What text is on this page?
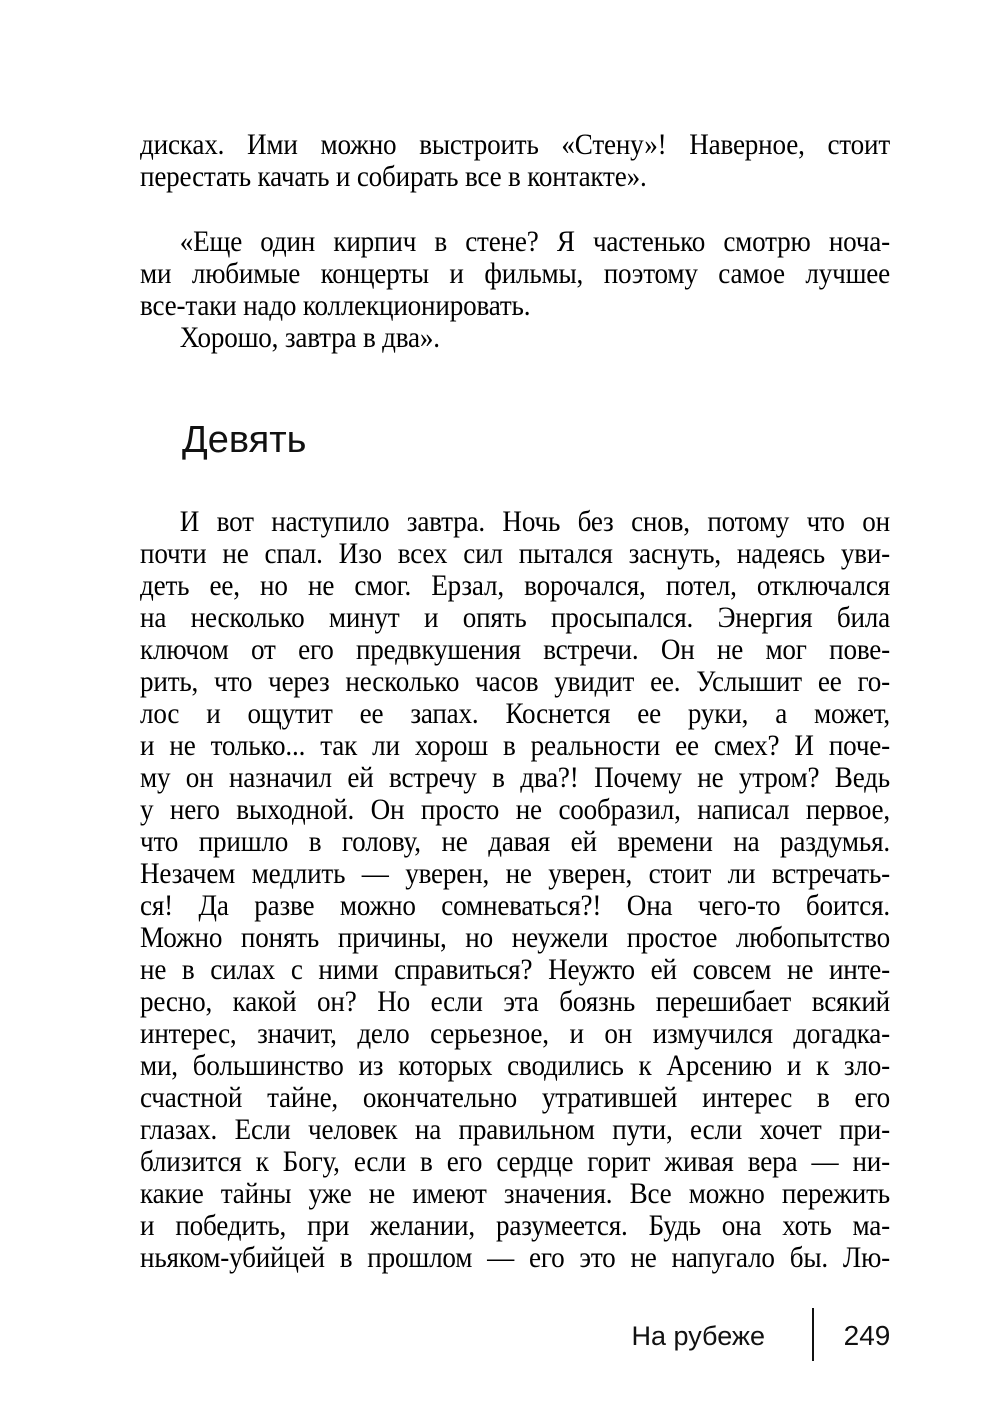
дисках. Ими можно выстроить «Стену»! Наверное, стоит
перестать качать и собирать все в контакте».
«Еще один кирпич в стене? Я частенько смотрю ноча-
ми любимые концерты и фильмы, поэтому самое лучшее
все-таки надо коллекционировать.
Хорошо, завтра в два».
Девять
И вот наступило завтра. Ночь без снов, потому что он
почти не спал. Изо всех сил пытался заснуть, надеясь уви-
деть ее, но не смог. Ерзал, ворочался, потел, отключался
на несколько минут и опять просыпался. Энергия била
ключом от его предвкушения встречи. Он не мог пове-
рить, что через несколько часов увидит ее. Услышит ее го-
лос и ощутит ее запах. Коснется ее руки, а может,
и не только... так ли хорош в реальности ее смех? И поче-
му он назначил ей встречу в два?! Почему не утром? Ведь
у него выходной. Он просто не сообразил, написал первое,
что пришло в голову, не давая ей времени на раздумья.
Незачем медлить — уверен, не уверен, стоит ли встречать-
ся! Да разве можно сомневаться?! Она чего-то боится.
Можно понять причины, но неужели простое любопытство
не в силах с ними справиться? Неужто ей совсем не инте-
ресно, какой он? Но если эта боязнь перешибает всякий
интерес, значит, дело серьезное, и он измучился догадка-
ми, большинство из которых сводились к Арсению и к зло-
счастной тайне, окончательно утратившей интерес в его
глазах. Если человек на правильном пути, если хочет при-
близится к Богу, если в его сердце горит живая вера — ни-
какие тайны уже не имеют значения. Все можно пережить
и победить, при желании, разумеется. Будь она хоть ма-
ньяком-убийцей в прошлом — его это не напугало бы. Лю-
На рубеже	249
